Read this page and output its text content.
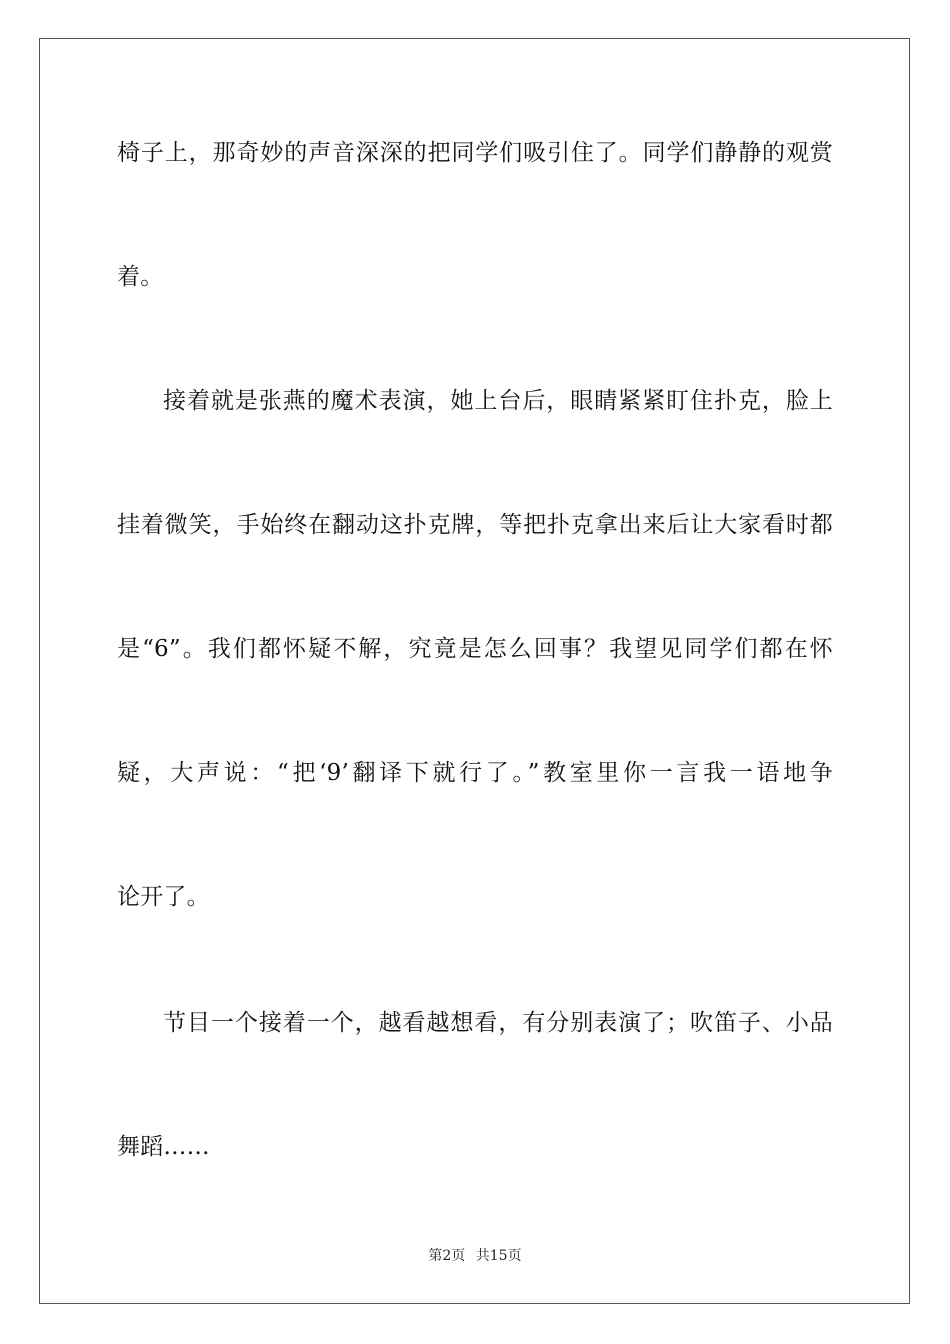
椅子上，那奇妙的声音深深的把同学们吸引住了。同学们静静的观赏
着。
接着就是张燕的魔术表演，她上台后，眼睛紧紧盯住扑克，脸上
挂着微笑，手始终在翻动这扑克牌，等把扑克拿出来后让大家看时都
是“6”。我们都怀疑不解，究竟是怎么回事？我望见同学们都在怀
疑，大声说：“把‘9’翻译下就行了。”教室里你一言我一语地争
论开了。
节目一个接着一个，越看越想看，有分别表演了；吹笛子、小品
舞蹈……
第2页 共15页
